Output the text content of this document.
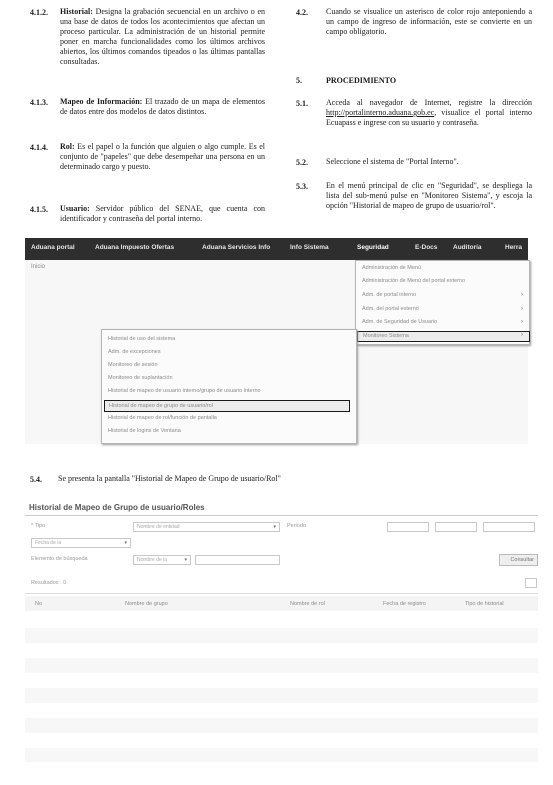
4.1.2. Historial: Designa la grabación secuencial en un archivo o en una base de datos de todos los acontecimientos que afectan un proceso particular. La administración de un historial permite poner en marcha funcionalidades como los últimos archivos abiertos, los últimos comandos tipeados o las últimas pantallas consultadas.
4.1.3. Mapeo de Información: El trazado de un mapa de elementos de datos entre dos modelos de datos distintos.
4.1.4. Rol: Es el papel o la función que alguien o algo cumple. Es el conjunto de "papeles" que debe desempeñar una persona en un determinado cargo y puesto.
4.1.5. Usuario: Servidor público del SENAE, que cuenta con identificador y contraseña del portal interno.
4.2. Cuando se visualice un asterisco de color rojo anteponiendo a un campo de ingreso de información, este se convierte en un campo obligatorio.
5.	PROCEDIMIENTO
5.1. Acceda al navegador de Internet, registre la dirección http://portalinterno.aduana.gob.ec, visualice el portal interno Ecuapass e ingrese con su usuario y contraseña.
5.2. Seleccione el sistema de "Portal Interno".
5.3. En el menú principal de clic en "Seguridad", se despliega la lista del sub-menú pulse en "Monitoreo Sistema", y escoja la opción "Historial de mapeo de grupo de usuario/rol".
Aduana portal	Aduana Impuesto Ofertas	Aduana Servicios Info	Info Sistema	Seguridad	E-Docs Auditoría	Herra
Inicio	Administración de Menú
Administración de Menú del portal externo
Adm. de portal interno	›
Adm. del portal externo	›
Adm. de Seguridad de Usuario	›
Monitoreo Sistema	›
Historial de uso del sistema
Adm. de excepciones
Monitoreo de sesión
Monitoreo de suplantación
Historial de mapeo de usuario interno/grupo de usuario interno
Historial de mapeo de grupo de usuario/rol
Historial de mapeo de rol/función de pantalla
Historial de logins de Ventana
5.4. Se presenta la pantalla "Historial de Mapeo de Grupo de usuario/Rol"
Historial de Mapeo de Grupo de usuario/Roles
* Tipo	Nombre de entidad	▾ Periodo
Fecha de la	▾
Elemento de búsqueda	Nombre de la	▾	Consultar
Resultados : 0
No	Nombre de grupo	Nombre de rol	Fecha de registro	Tipo de historial
